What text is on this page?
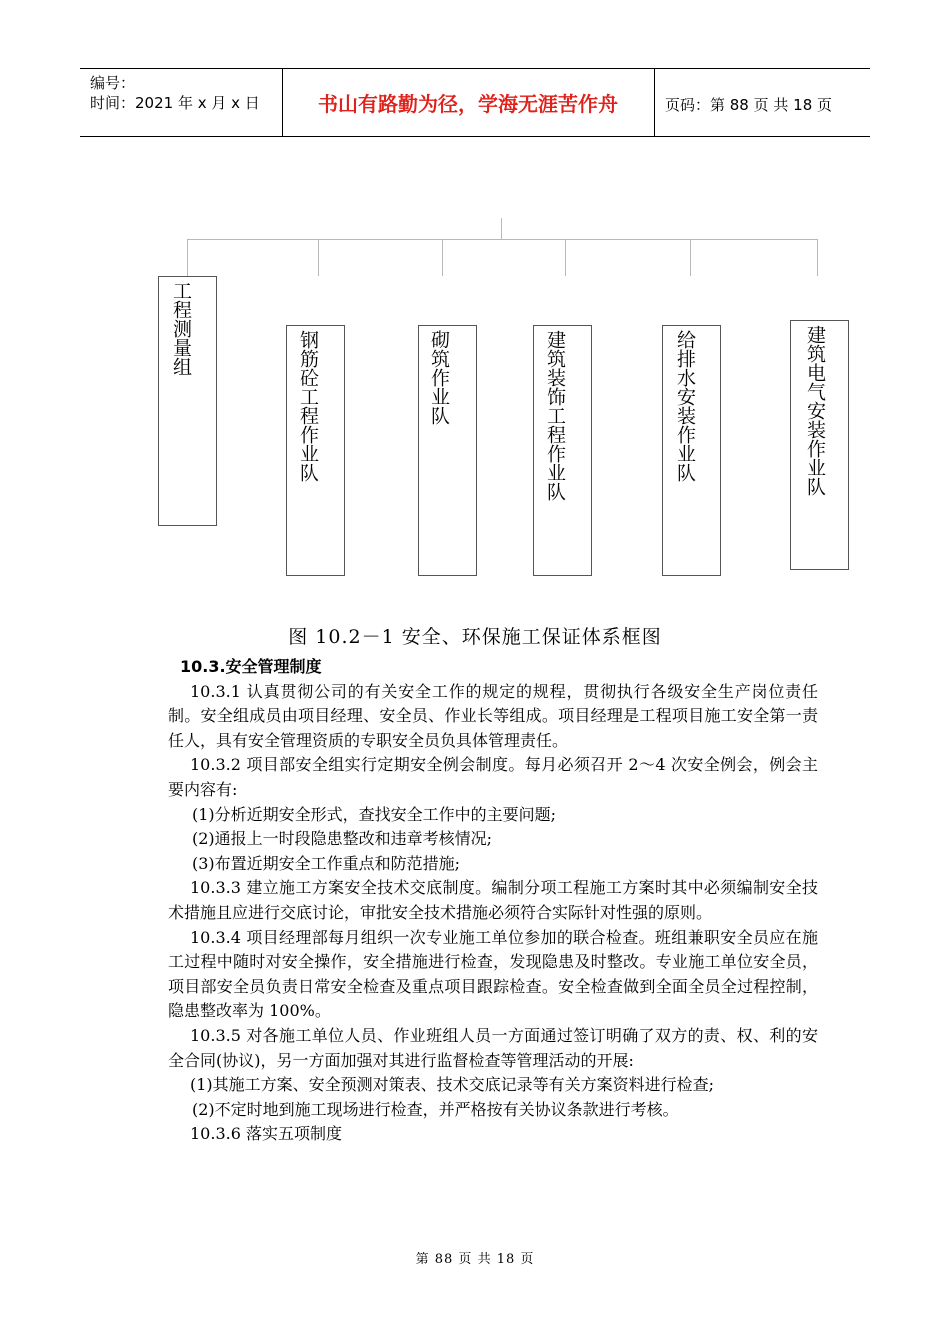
编号：
时间：2021 年 x 月 x 日	书山有路勤为径，学海无涯苦作舟	页码：第 88 页 共 18 页
工程测量组
钢筋砼工程作业队	砌筑作业队	建筑装饰工程作业队	给排水安装作业队	建筑电气安装作业队
图 10.2－1 安全、环保施工保证体系框图

10.3.安全管理制度

10.3.1 认真贯彻公司的有关安全工作的规定的规程，贯彻执行各级安全生产岗位责任制。安全组成员由项目经理、安全员、作业长等组成。项目经理是工程项目施工安全第一责任人，具有安全管理资质的专职安全员负具体管理责任。

10.3.2 项目部安全组实行定期安全例会制度。每月必须召开 2～4 次安全例会，例会主要内容有:

(1)分析近期安全形式，查找安全工作中的主要问题;

(2)通报上一时段隐患整改和违章考核情况;

(3)布置近期安全工作重点和防范措施;

10.3.3 建立施工方案安全技术交底制度。编制分项工程施工方案时其中必须编制安全技术措施且应进行交底讨论，审批安全技术措施必须符合实际针对性强的原则。

10.3.4 项目经理部每月组织一次专业施工单位参加的联合检查。班组兼职安全员应在施工过程中随时对安全操作，安全措施进行检查，发现隐患及时整改。专业施工单位安全员，项目部安全员负责日常安全检查及重点项目跟踪检查。安全检查做到全面全员全过程控制，隐患整改率为 100%。

10.3.5 对各施工单位人员、作业班组人员一方面通过签订明确了双方的责、权、利的安全合同(协议)，另一方面加强对其进行监督检查等管理活动的开展:

(1)其施工方案、安全预测对策表、技术交底记录等有关方案资料进行检查;

(2)不定时地到施工现场进行检查，并严格按有关协议条款进行考核。

10.3.6 落实五项制度

第 88 页 共 18 页
